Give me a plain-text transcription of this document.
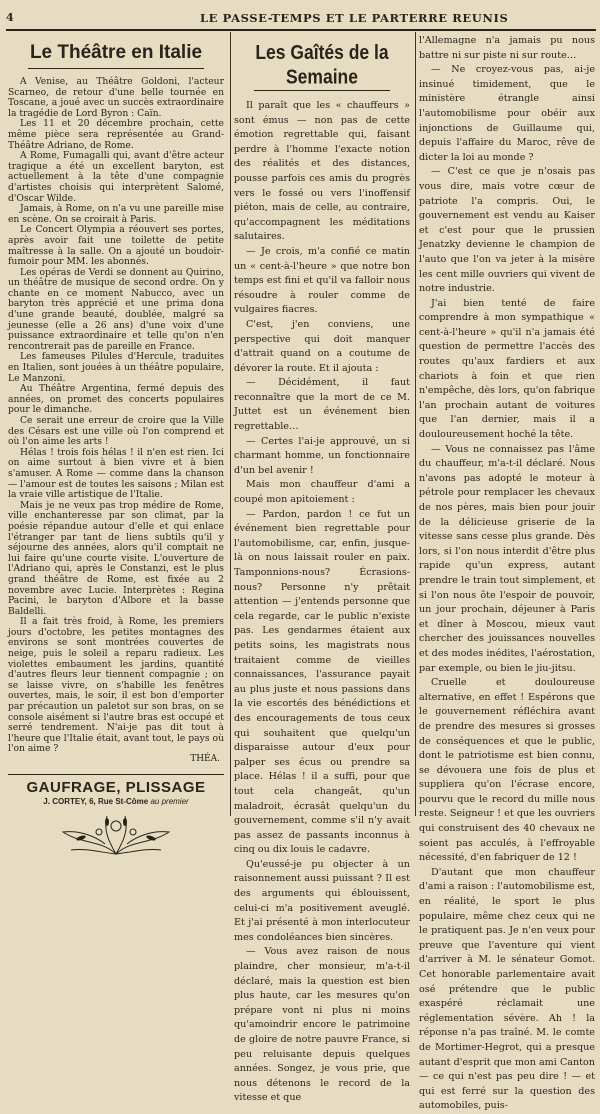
4	LE PASSE-TEMPS ET LE PARTERRE REUNIS
Le Théâtre en Italie

A Venise, au Théâtre Goldoni, l'acteur Scarneo, de retour d'une belle tournée en Toscane, a joué avec un succès extraordinaire la tragédie de Lord Byron : Caïn.

Les 11 et 20 décembre prochain, cette même pièce sera représentée au Grand-Théâtre Adriano, de Rome.

A Rome, Fumagalli qui, avant d'être acteur tragique a été un excellent baryton, est actuellement à la tête d'une compagnie d'artistes choisis qui interprètent Salomé, d'Oscar Wilde.

Jamais, à Rome, on n'a vu une pareille mise en scène. On se croirait à Paris.

Le Concert Olympia a réouvert ses portes, après avoir fait une toilette de petite maîtresse à la salle. On a ajouté un boudoir-fumoir pour MM. les abonnés.

Les opéras de Verdi se donnent au Quirino, un théâtre de musique de second ordre. On y chante en ce moment Nabucco, avec un baryton très apprécié et une prima dona d'une grande beauté, doublée, malgré sa jeunesse (elle a 26 ans) d'une voix d'une puissance extraordinaire et telle qu'on n'en rencontrerait pas de pareille en France.

Les fameuses Pilules d'Hercule, traduites en Italien, sont jouées à un théâtre populaire, Le Manzoni.

Au Théâtre Argentina, fermé depuis des années, on promet des concerts populaires pour le dimanche.

Ce serait une erreur de croire que la Ville des Césars est une ville où l'on comprend et où l'on aime les arts !

Hélas ! trois fois hélas ! il n'en est rien. Ici on aime surtout à bien vivre et à bien s'amuser. A Rome — comme dans la chanson — l'amour est de toutes les saisons ; Milan est la vraie ville artistique de l'Italie.

Mais je ne veux pas trop médire de Rome, ville enchanteresse par son climat, par la poésie répandue autour d'elle et qui enlace l'étranger par tant de liens subtils qu'il y séjourne des années, alors qu'il comptait ne lui faire qu'une courte visite. L'ouverture de l'Adriano qui, après le Constanzi, est le plus grand théâtre de Rome, est fixée au 2 novembre avec Lucie. Interprètes : Regina Pacini, le baryton d'Albore et la basse Baldelli.

Il a fait très froid, à Rome, les premiers jours d'octobre, les petites montagnes des environs se sont montrées couvertes de neige, puis le soleil a reparu radieux. Les violettes embaument les jardins, quantité d'autres fleurs leur tiennent compagnie ; on se laisse vivre, on s'habille les fenêtres ouvertes, mais, le soir, il est bon d'emporter par précaution un paletot sur son bras, on se console aisément si l'autre bras est occupé et serré tendrement. N'ai-je pas dit tout à l'heure que l'Italie était, avant tout, le pays où l'on aime ?

THÉA.
GAUFRAGE, PLISSAGE
J. CORTEY, 6, Rue St-Côme au premier
Les Gaîtés de la Semaine

Il paraît que les « chauffeurs » sont émus — non pas de cette émotion regrettable qui, faisant perdre à l'homme l'exacte notion des réalités et des distances, pousse parfois ces amis du progrès vers le fossé ou vers l'inoffensif piéton, mais de celle, au contraire, qu'accompagnent les méditations salutaires.

— Je crois, m'a confié ce matin un « cent-à-l'heure » que notre bon temps est fini et qu'il va falloir nous résoudre à rouler comme de vulgaires fiacres.

C'est, j'en conviens, une perspective qui doit manquer d'attrait quand on a coutume de dévorer la route. Et il ajouta :

— Décidément, il faut reconnaître que la mort de ce M. Juttet est un événement bien regrettable…

— Certes l'ai-je approuvé, un si charmant homme, un fonctionnaire d'un bel avenir !

Mais mon chauffeur d'ami a coupé mon apitoiement :

— Pardon, pardon ! ce fut un événement bien regrettable pour l'automobilisme, car, enfin, jusque-là on nous laissait rouler en paix. Tamponnions-nous? Écrasions-nous? Personne n'y prêtait attention — j'entends personne que cela regarde, car le public n'existe pas. Les gendarmes étaient aux petits soins, les magistrats nous traitaient comme de vieilles connaissances, l'assurance payait au plus juste et nous passions dans la vie escortés des bénédictions et des encouragements de tous ceux qui souhaitent que quelqu'un disparaisse autour d'eux pour palper ses écus ou prendre sa place. Hélas ! il a suffi, pour que tout cela changeât, qu'un maladroit, écrasât quelqu'un du gouvernement, comme s'il n'y avait pas assez de passants inconnus à cinq ou dix louis le cadavre.

Qu'eussé-je pu objecter à un raisonnement aussi puissant ? Il est des arguments qui éblouissent, celui-ci m'a positivement aveuglé. Et j'ai présenté à mon interlocuteur mes condoléances bien sincères.

— Vous avez raison de nous plaindre, cher monsieur, m'a-t-il déclaré, mais la question est bien plus haute, car les mesures qu'on prépare vont ni plus ni moins qu'amoindrir encore le patrimoine de gloire de notre pauvre France, si peu reluisante depuis quelques années. Songez, je vous prie, que nous détenons le record de la vitesse et que

l'Allemagne n'a jamais pu nous battre ni sur piste ni sur route…

— Ne croyez-vous pas, ai-je insinué timidement, que le ministère étrangle ainsi l'automobilisme pour obéir aux injonctions de Guillaume qui, depuis l'affaire du Maroc, rêve de dicter la loi au monde ?

— C'est ce que je n'osais pas vous dire, mais votre cœur de patriote l'a compris. Oui, le gouvernement est vendu au Kaiser et c'est pour que le prussien Jenatzky devienne le champion de l'auto que l'on va jeter à la misère les cent mille ouvriers qui vivent de notre industrie.

J'ai bien tenté de faire comprendre à mon sympathique « cent-à-l'heure » qu'il n'a jamais été question de permettre l'accès des routes qu'aux fardiers et aux chariots à foin et que rien n'empêche, dès lors, qu'on fabrique l'an prochain autant de voitures que l'an dernier, mais il a douloureusement hoché la tête.

— Vous ne connaissez pas l'âme du chauffeur, m'a-t-il déclaré. Nous n'avons pas adopté le moteur à pétrole pour remplacer les chevaux de nos pères, mais bien pour jouir de la délicieuse griserie de la vitesse sans cesse plus grande. Dès lors, si l'on nous interdit d'être plus rapide qu'un express, autant prendre le train tout simplement, et si l'on nous ôte l'espoir de pouvoir, un jour prochain, déjeuner à Paris et dîner à Moscou, mieux vaut chercher des jouissances nouvelles et des modes inédites, l'aérostation, par exemple, ou bien le jiu-jitsu.

Cruelle et douloureuse alternative, en effet ! Espérons que le gouvernement réfléchira avant de prendre des mesures si grosses de conséquences et que le public, dont le patriotisme est bien connu, se dévouera une fois de plus et suppliera qu'on l'écrase encore, pourvu que le record du mille nous reste. Seigneur ! et que les ouvriers qui construisent des 40 chevaux ne soient pas acculés, à l'effroyable nécessité, d'en fabriquer de 12 !

D'autant que mon chauffeur d'ami a raison : l'automobilisme est, en réalité, le sport le plus populaire, même chez ceux qui ne le pratiquent pas. Je n'en veux pour preuve que l'aventure qui vient d'arriver à M. le sénateur Gomot. Cet honorable parlementaire avait osé prétendre que le public exaspéré réclamait une réglementation sévère. Ah ! la réponse n'a pas traîné. M. le comte de Mortimer-Hegrot, qui a presque autant d'esprit que mon ami Canton — ce qui n'est pas peu dire ! — et qui est ferré sur la question des automobiles, puis-
